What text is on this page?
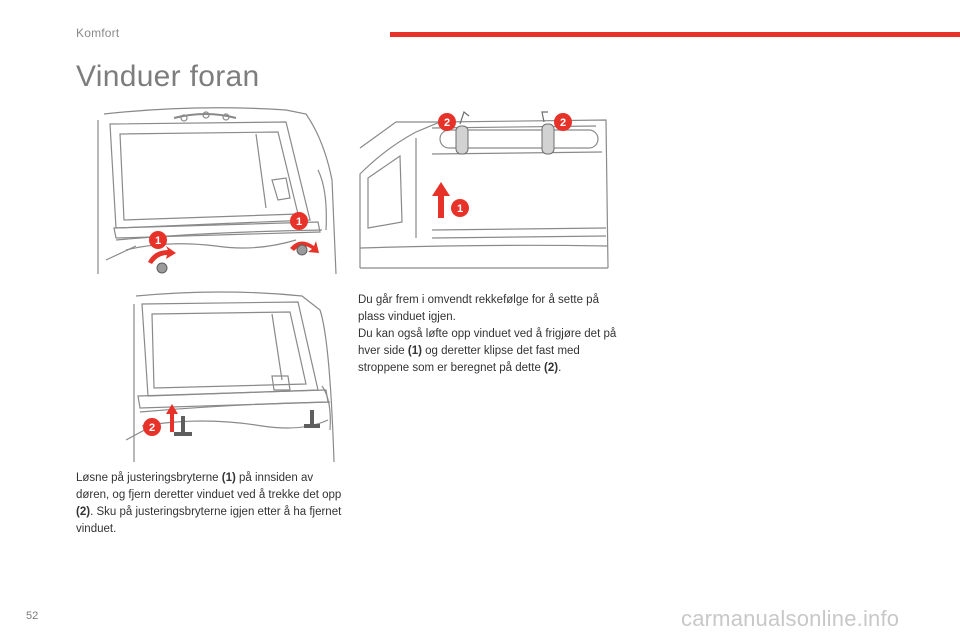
Komfort
Vinduer foran
1
1
2
1
2	2

Du går frem i omvendt rekkefølge for å sette på plass vinduet igjen.

Du kan også løfte opp vinduet ved å frigjøre det på hver side (1) og deretter klipse det fast med stroppene som er beregnet på dette (2).

Løsne på justeringsbryterne (1) på innsiden av døren, og fjern deretter vinduet ved å trekke det opp (2). Sku på justeringsbryterne igjen etter å ha fjernet vinduet.

52	carmanualsonline.info
